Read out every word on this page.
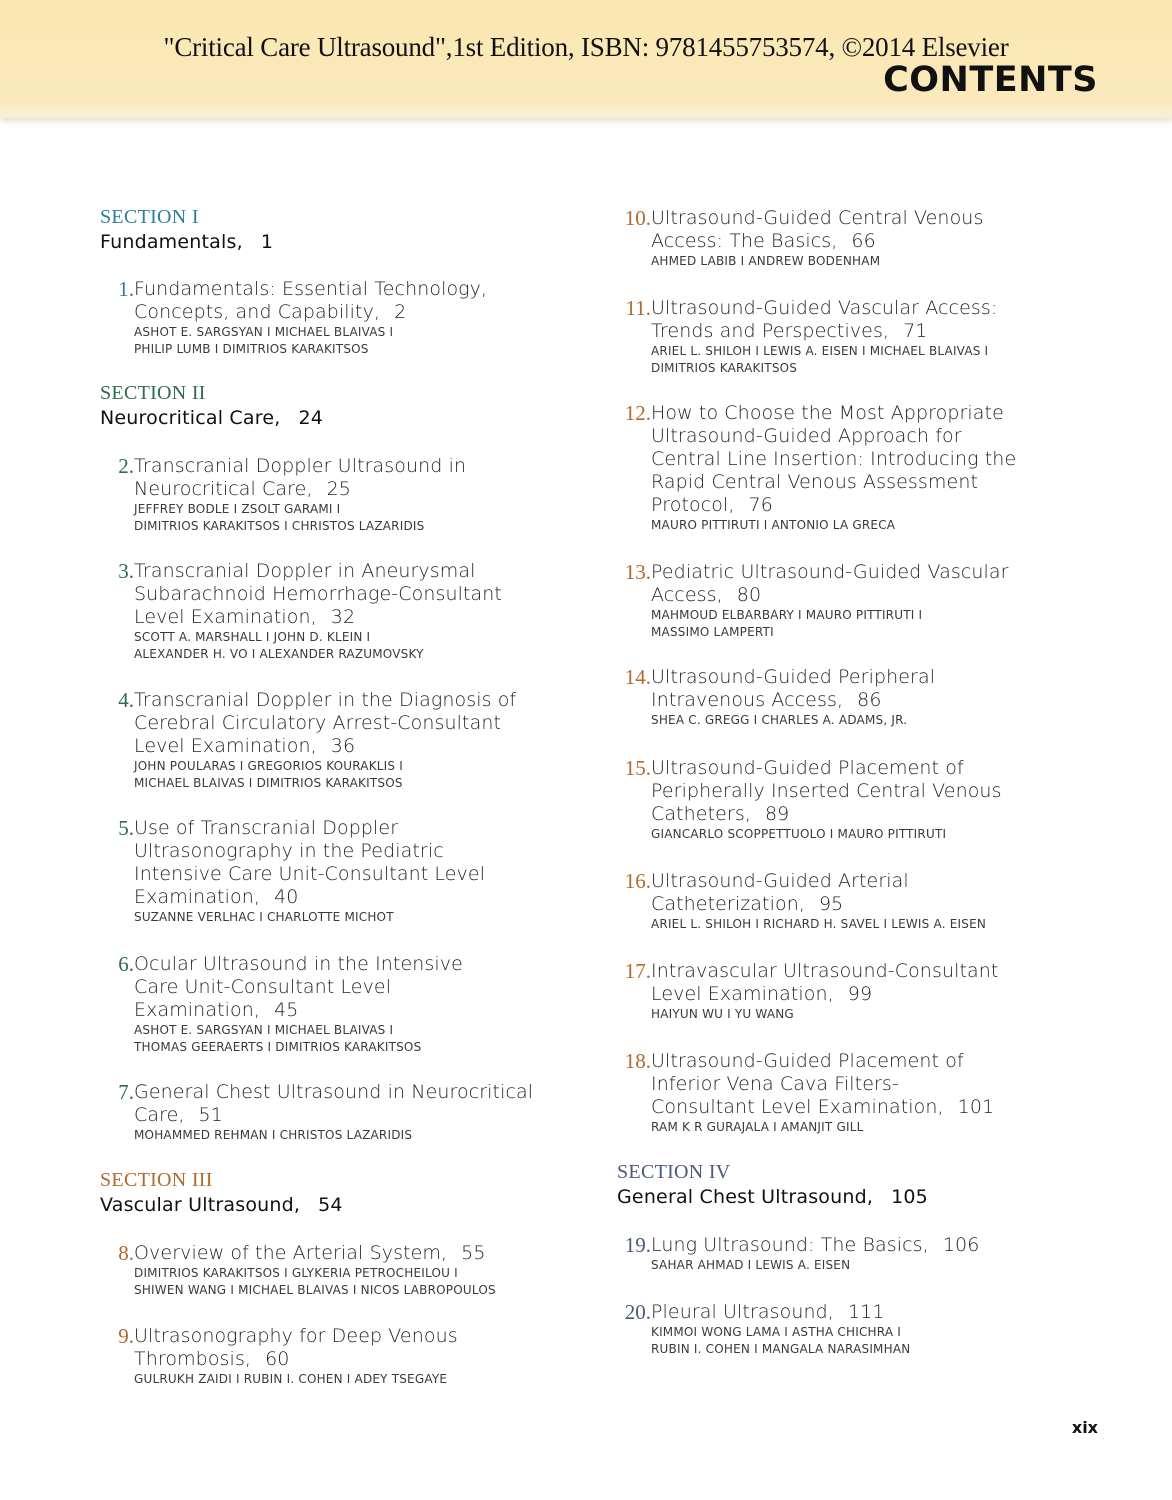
"Critical Care Ultrasound",1st Edition, ISBN: 9781455753574, ©2014 Elsevier
CONTENTS
SECTION I
Fundamentals, 1
1. Fundamentals: Essential Technology,
Concepts, and Capability, 2
ASHOT E. SARGSYAN I MICHAEL BLAIVAS I
PHILIP LUMB I DIMITRIOS KARAKITSOS
SECTION II
Neurocritical Care, 24
2. Transcranial Doppler Ultrasound in
Neurocritical Care, 25
JEFFREY BODLE I ZSOLT GARAMI I
DIMITRIOS KARAKITSOS I CHRISTOS LAZARIDIS
3. Transcranial Doppler in Aneurysmal
Subarachnoid Hemorrhage-Consultant
Level Examination, 32
SCOTT A. MARSHALL I JOHN D. KLEIN I
ALEXANDER H. VO I ALEXANDER RAZUMOVSKY
4. Transcranial Doppler in the Diagnosis of
Cerebral Circulatory Arrest-Consultant
Level Examination, 36
JOHN POULARAS I GREGORIOS KOURAKLIS I
MICHAEL BLAIVAS I DIMITRIOS KARAKITSOS
5. Use of Transcranial Doppler
Ultrasonography in the Pediatric
Intensive Care Unit-Consultant Level
Examination, 40
SUZANNE VERLHAC I CHARLOTTE MICHOT
6. Ocular Ultrasound in the Intensive
Care Unit-Consultant Level
Examination, 45
ASHOT E. SARGSYAN I MICHAEL BLAIVAS I
THOMAS GEERAERTS I DIMITRIOS KARAKITSOS
7. General Chest Ultrasound in Neurocritical
Care, 51
MOHAMMED REHMAN I CHRISTOS LAZARIDIS
SECTION III
Vascular Ultrasound, 54
8. Overview of the Arterial System, 55
DIMITRIOS KARAKITSOS I GLYKERIA PETROCHEILOU I
SHIWEN WANG I MICHAEL BLAIVAS I NICOS LABROPOULOS
9. Ultrasonography for Deep Venous
Thrombosis, 60
GULRUKH ZAIDI I RUBIN I. COHEN I ADEY TSEGAYE
10. Ultrasound-Guided Central Venous
Access: The Basics, 66
AHMED LABIB I ANDREW BODENHAM
11. Ultrasound-Guided Vascular Access:
Trends and Perspectives, 71
ARIEL L. SHILOH I LEWIS A. EISEN I MICHAEL BLAIVAS I
DIMITRIOS KARAKITSOS
12. How to Choose the Most Appropriate
Ultrasound-Guided Approach for
Central Line Insertion: Introducing the
Rapid Central Venous Assessment
Protocol, 76
MAURO PITTIRUTI I ANTONIO LA GRECA
13. Pediatric Ultrasound-Guided Vascular
Access, 80
MAHMOUD ELBARBARY I MAURO PITTIRUTI I
MASSIMO LAMPERTI
14. Ultrasound-Guided Peripheral
Intravenous Access, 86
SHEA C. GREGG I CHARLES A. ADAMS, JR.
15. Ultrasound-Guided Placement of
Peripherally Inserted Central Venous
Catheters, 89
GIANCARLO SCOPPETTUOLO I MAURO PITTIRUTI
16. Ultrasound-Guided Arterial
Catheterization, 95
ARIEL L. SHILOH I RICHARD H. SAVEL I LEWIS A. EISEN
17. Intravascular Ultrasound-Consultant
Level Examination, 99
HAIYUN WU I YU WANG
18. Ultrasound-Guided Placement of
Inferior Vena Cava Filters-
Consultant Level Examination, 101
RAM K R GURAJALA I AMANJIT GILL
SECTION IV
General Chest Ultrasound, 105
19. Lung Ultrasound: The Basics, 106
SAHAR AHMAD I LEWIS A. EISEN
20. Pleural Ultrasound, 111
KIMMOI WONG LAMA I ASTHA CHICHRA I
RUBIN I. COHEN I MANGALA NARASIMHAN
xix
